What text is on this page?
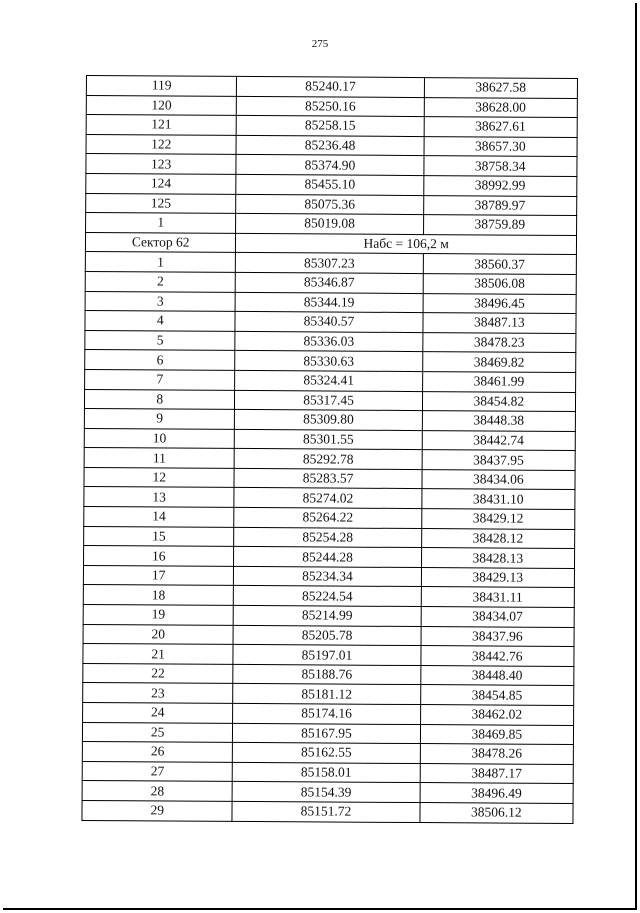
275
119	85240.17	38627.58
120	85250.16	38628.00
121	85258.15	38627.61
122	85236.48	38657.30
123	85374.90	38758.34
124	85455.10	38992.99
125	85075.36	38789.97
1	85019.08	38759.89
Сектор 62	Набс = 106,2 м	
1	85307.23	38560.37
2	85346.87	38506.08
3	85344.19	38496.45
4	85340.57	38487.13
5	85336.03	38478.23
6	85330.63	38469.82
7	85324.41	38461.99
8	85317.45	38454.82
9	85309.80	38448.38
10	85301.55	38442.74
11	85292.78	38437.95
12	85283.57	38434.06
13	85274.02	38431.10
14	85264.22	38429.12
15	85254.28	38428.12
16	85244.28	38428.13
17	85234.34	38429.13
18	85224.54	38431.11
19	85214.99	38434.07
20	85205.78	38437.96
21	85197.01	38442.76
22	85188.76	38448.40
23	85181.12	38454.85
24	85174.16	38462.02
25	85167.95	38469.85
26	85162.55	38478.26
27	85158.01	38487.17
28	85154.39	38496.49
29	85151.72	38506.12
